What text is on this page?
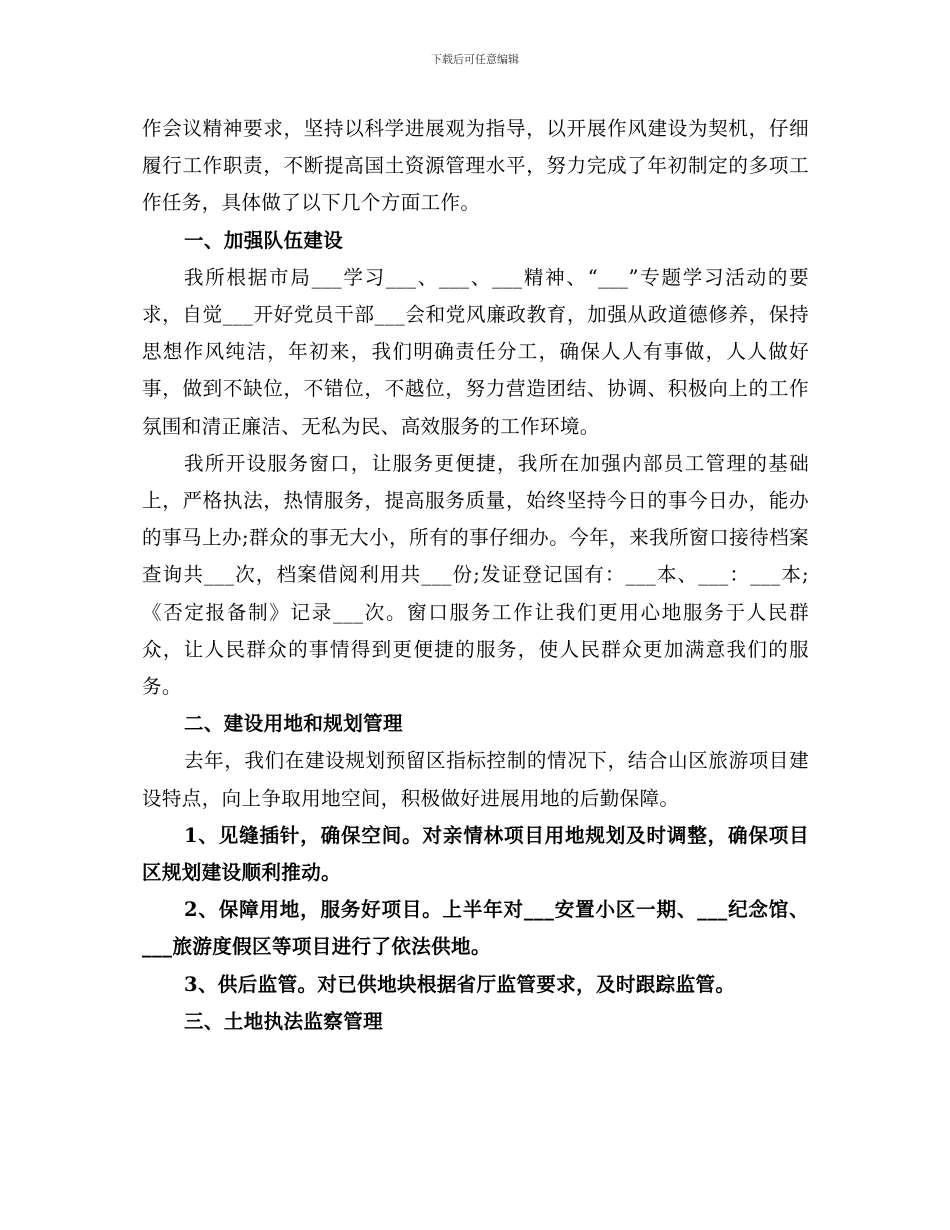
下载后可任意编辑

作会议精神要求，坚持以科学进展观为指导，以开展作风建设为契机，仔细履行工作职责，不断提高国土资源管理水平，努力完成了年初制定的多项工作任务，具体做了以下几个方面工作。

一、加强队伍建设

我所根据市局___学习___、___、___精神、“___”专题学习活动的要求，自觉___开好党员干部___会和党风廉政教育，加强从政道德修养，保持思想作风纯洁，年初来，我们明确责任分工，确保人人有事做，人人做好事，做到不缺位，不错位，不越位，努力营造团结、协调、积极向上的工作氛围和清正廉洁、无私为民、高效服务的工作环境。

我所开设服务窗口，让服务更便捷，我所在加强内部员工管理的基础上，严格执法，热情服务，提高服务质量，始终坚持今日的事今日办，能办的事马上办;群众的事无大小，所有的事仔细办。今年，来我所窗口接待档案查询共___次，档案借阅利用共___份;发证登记国有：___本、___：___本;《否定报备制》记录___次。窗口服务工作让我们更用心地服务于人民群众，让人民群众的事情得到更便捷的服务，使人民群众更加满意我们的服务。

二、建设用地和规划管理

去年，我们在建设规划预留区指标控制的情况下，结合山区旅游项目建设特点，向上争取用地空间，积极做好进展用地的后勤保障。

1、见缝插针，确保空间。对亲情林项目用地规划及时调整，确保项目区规划建设顺利推动。

2、保障用地，服务好项目。上半年对___安置小区一期、___纪念馆、___旅游度假区等项目进行了依法供地。

3、供后监管。对已供地块根据省厅监管要求，及时跟踪监管。

三、土地执法监察管理
